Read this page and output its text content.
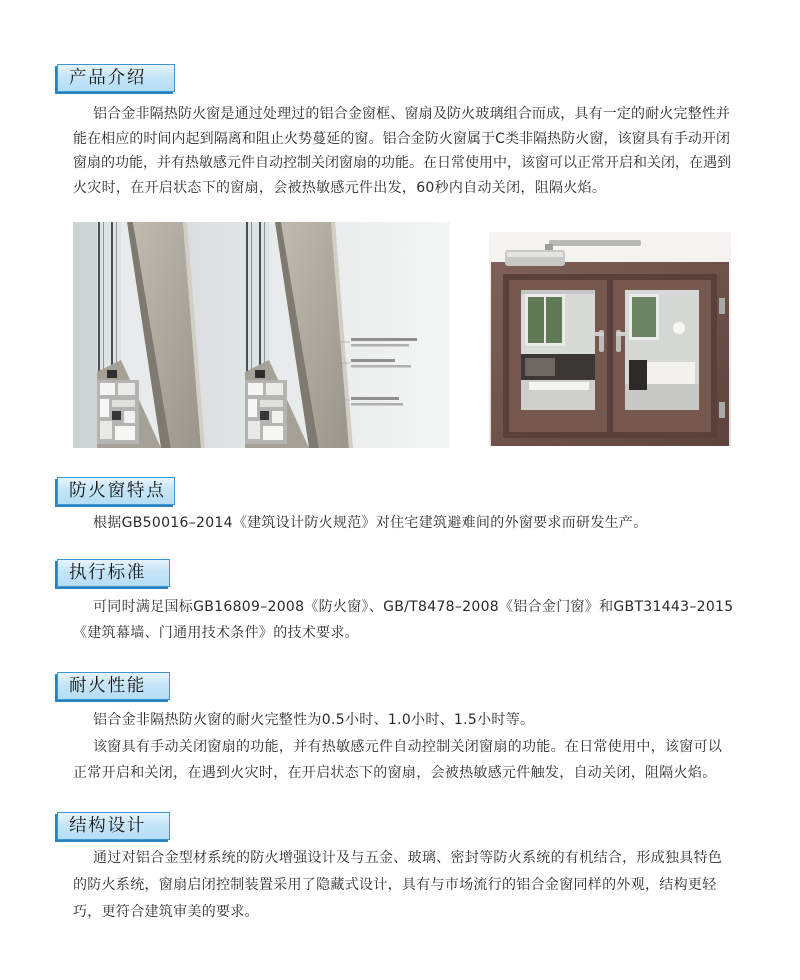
产品介绍
铝合金非隔热防火窗是通过处理过的铝合金窗框、窗扇及防火玻璃组合而成，具有一定的耐火完整性并
能在相应的时间内起到隔离和阻止火势蔓延的窗。铝合金防火窗属于C类非隔热防火窗，该窗具有手动开闭
窗扇的功能，并有热敏感元件自动控制关闭窗扇的功能。在日常使用中，该窗可以正常开启和关闭，在遇到
火灾时，在开启状态下的窗扇，会被热敏感元件出发，60秒内自动关闭，阻隔火焰。
防火窗特点
根据GB50016–2014《建筑设计防火规范》对住宅建筑避难间的外窗要求而研发生产。
执行标准
可同时满足国标GB16809–2008《防火窗》、GB/T8478–2008《铝合金门窗》和GBT31443–2015
《建筑幕墙、门通用技术条件》的技术要求。
耐火性能
铝合金非隔热防火窗的耐火完整性为0.5小时、1.0小时、1.5小时等。
该窗具有手动关闭窗扇的功能，并有热敏感元件自动控制关闭窗扇的功能。在日常使用中，该窗可以
正常开启和关闭，在遇到火灾时，在开启状态下的窗扇，会被热敏感元件触发，自动关闭，阻隔火焰。
结构设计
通过对铝合金型材系统的防火增强设计及与五金、玻璃、密封等防火系统的有机结合，形成独具特色
的防火系统，窗扇启闭控制装置采用了隐藏式设计，具有与市场流行的铝合金窗同样的外观，结构更轻
巧，更符合建筑审美的要求。
